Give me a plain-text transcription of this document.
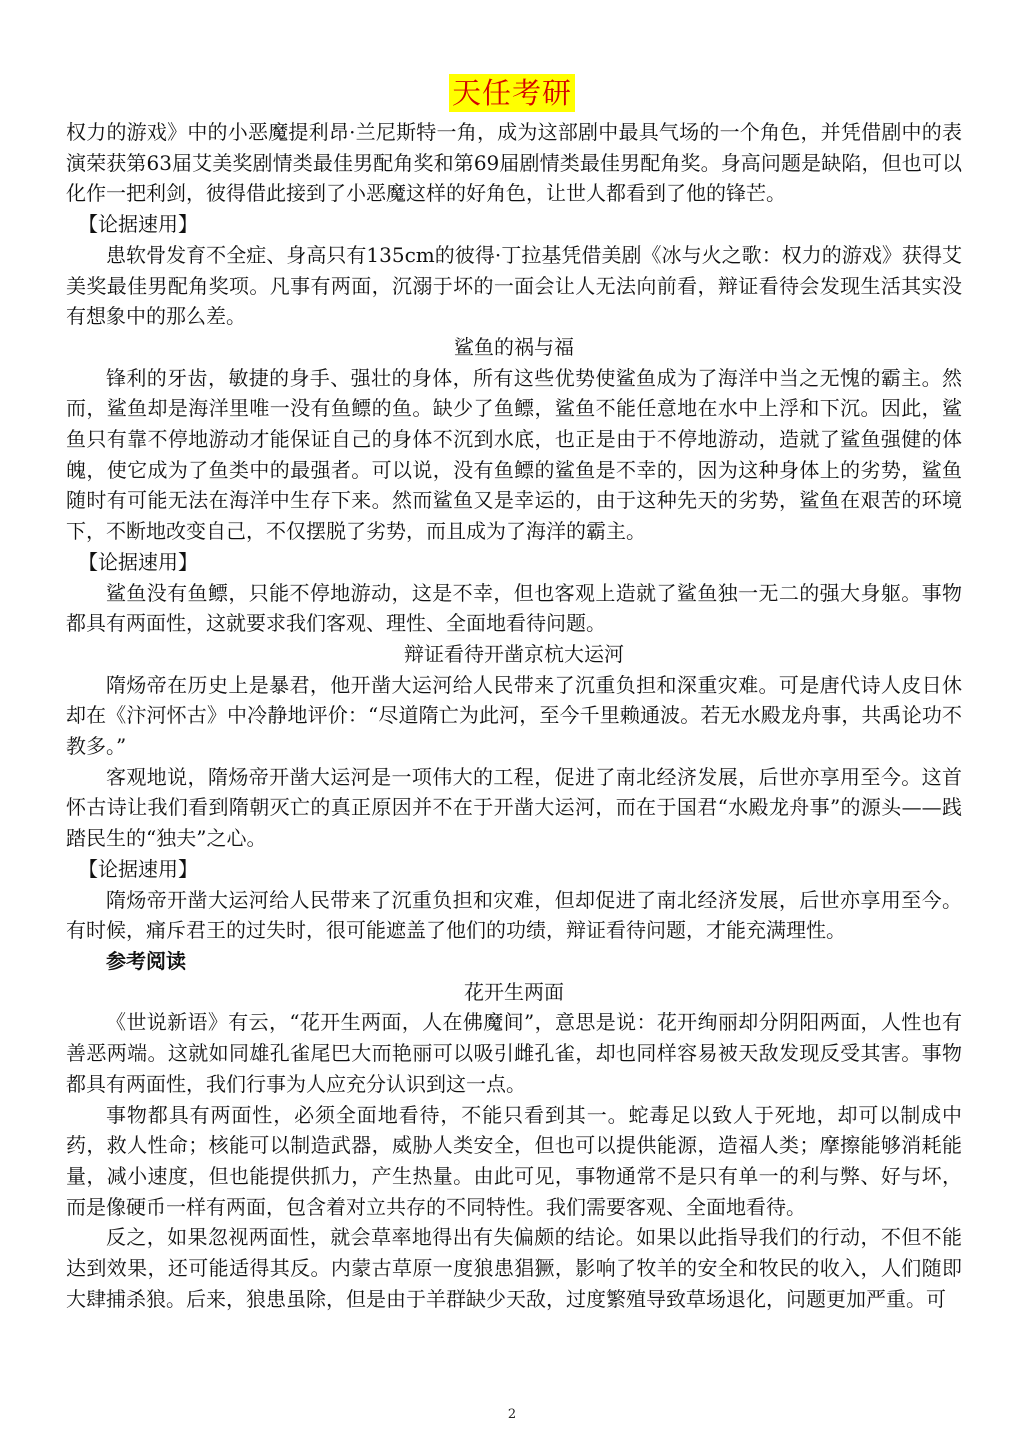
天任考研

权力的游戏》中的小恶魔提利昂·兰尼斯特一角，成为这部剧中最具气场的一个角色，并凭借剧中的表演荣获第63届艾美奖剧情类最佳男配角奖和第69届剧情类最佳男配角奖。身高问题是缺陷，但也可以化作一把利剑，彼得借此接到了小恶魔这样的好角色，让世人都看到了他的锋芒。

【论据速用】

患软骨发育不全症、身高只有135cm的彼得·丁拉基凭借美剧《冰与火之歌：权力的游戏》获得艾美奖最佳男配角奖项。凡事有两面，沉溺于坏的一面会让人无法向前看，辩证看待会发现生活其实没有想象中的那么差。

鲨鱼的祸与福

锋利的牙齿，敏捷的身手、强壮的身体，所有这些优势使鲨鱼成为了海洋中当之无愧的霸主。然而，鲨鱼却是海洋里唯一没有鱼鳔的鱼。缺少了鱼鳔，鲨鱼不能任意地在水中上浮和下沉。因此，鲨鱼只有靠不停地游动才能保证自己的身体不沉到水底，也正是由于不停地游动，造就了鲨鱼强健的体魄，使它成为了鱼类中的最强者。可以说，没有鱼鳔的鲨鱼是不幸的，因为这种身体上的劣势，鲨鱼随时有可能无法在海洋中生存下来。然而鲨鱼又是幸运的，由于这种先天的劣势，鲨鱼在艰苦的环境下，不断地改变自己，不仅摆脱了劣势，而且成为了海洋的霸主。

【论据速用】

鲨鱼没有鱼鳔，只能不停地游动，这是不幸，但也客观上造就了鲨鱼独一无二的强大身躯。事物都具有两面性，这就要求我们客观、理性、全面地看待问题。

辩证看待开凿京杭大运河

隋炀帝在历史上是暴君，他开凿大运河给人民带来了沉重负担和深重灾难。可是唐代诗人皮日休却在《汴河怀古》中冷静地评价：“尽道隋亡为此河，至今千里赖通波。若无水殿龙舟事，共禹论功不教多。”

客观地说，隋炀帝开凿大运河是一项伟大的工程，促进了南北经济发展，后世亦享用至今。这首怀古诗让我们看到隋朝灭亡的真正原因并不在于开凿大运河，而在于国君“水殿龙舟事”的源头——践踏民生的“独夫”之心。

【论据速用】

隋炀帝开凿大运河给人民带来了沉重负担和灾难，但却促进了南北经济发展，后世亦享用至今。有时候，痛斥君王的过失时，很可能遮盖了他们的功绩，辩证看待问题，才能充满理性。

参考阅读

花开生两面

《世说新语》有云，“花开生两面，人在佛魔间”，意思是说：花开绚丽却分阴阳两面，人性也有善恶两端。这就如同雄孔雀尾巴大而艳丽可以吸引雌孔雀，却也同样容易被天敌发现反受其害。事物都具有两面性，我们行事为人应充分认识到这一点。

事物都具有两面性，必须全面地看待，不能只看到其一。蛇毒足以致人于死地，却可以制成中药，救人性命；核能可以制造武器，威胁人类安全，但也可以提供能源，造福人类；摩擦能够消耗能量，减小速度，但也能提供抓力，产生热量。由此可见，事物通常不是只有单一的利与弊、好与坏，而是像硬币一样有两面，包含着对立共存的不同特性。我们需要客观、全面地看待。

反之，如果忽视两面性，就会草率地得出有失偏颇的结论。如果以此指导我们的行动，不但不能达到效果，还可能适得其反。内蒙古草原一度狼患猖獗，影响了牧羊的安全和牧民的收入，人们随即大肆捕杀狼。后来，狼患虽除，但是由于羊群缺少天敌，过度繁殖导致草场退化，问题更加严重。可

2
